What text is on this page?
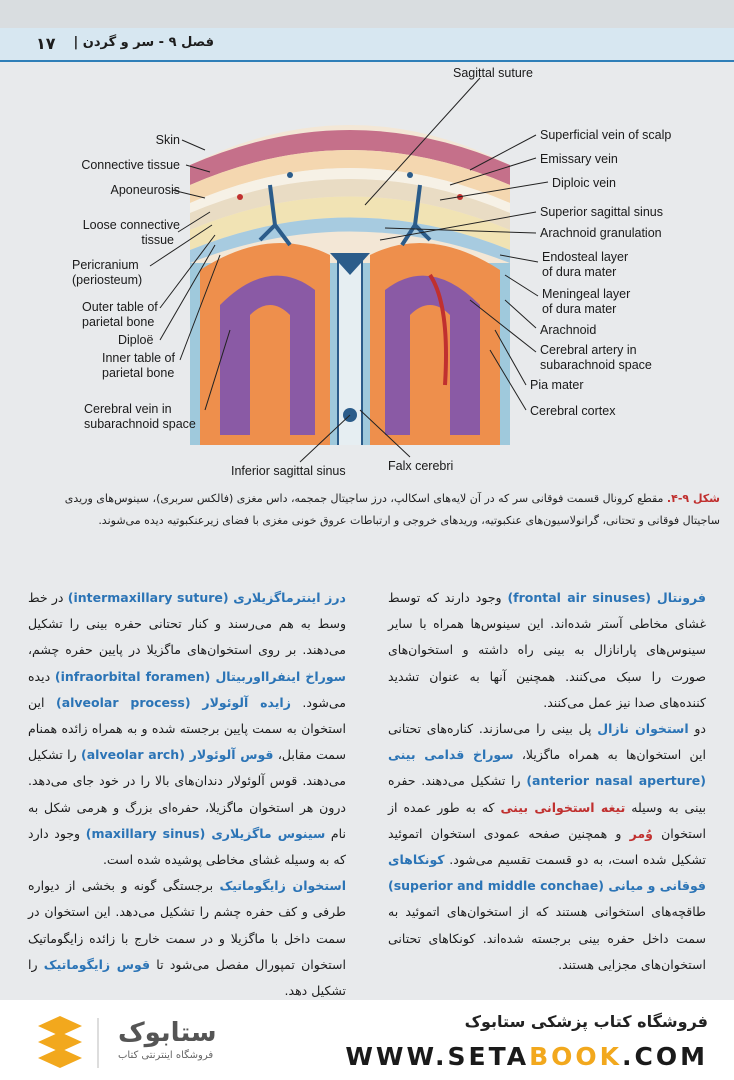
۱۷ فصل ۹ - سر و گردن |
Skin
Connective tissue
Aponeurosis
Loose connective
tissue
Pericranium
(periosteum)
Outer table of
parietal bone
Diploë
Inner table of
parietal bone
Cerebral vein in
subarachnoid space
Sagittal suture
Superficial vein of scalp
Emissary vein
Diploic vein
Superior sagittal sinus
Arachnoid granulation
Endosteal layer
of dura mater
Meningeal layer
of dura mater
Arachnoid
Cerebral artery in
subarachnoid space
Pia mater
Cerebral cortex
Inferior sagittal sinus	Falx cerebri
شکل ۹-۴. مقطع کرونال قسمت فوقانی سر که در آن لایه‌های اسکالپ، درز ساجیتال جمجمه، داس مغزی (فالکس سربری)، سینوس‌های وریدی ساجیتال فوقانی و تحتانی، گرانولاسیون‌های عنکبوتیه، وریدهای خروجی و ارتباطات عروق خونی مغزی با فضای زیرعنکبوتیه دیده می‌شوند.
فرونتال (frontal air sinuses) وجود دارند که توسط غشای مخاطی آستر شده‌اند. این سینوس‌ها همراه با سایر سینوس‌های پارانازال به بینی راه داشته و استخوان‌های صورت را سبک می‌کنند. همچنین آنها به عنوان تشدید کننده‌های صدا نیز عمل می‌کنند.
دو استخوان نازال پل بینی را می‌سازند. کناره‌های تحتانی این استخوان‌ها به همراه ماگزیلا، سوراخ قدامی بینی (anterior nasal aperture) را تشکیل می‌دهند. حفره بینی به وسیله تیغه استخوانی بینی که به طور عمده از استخوان وُمر و همچنین صفحه عمودی استخوان اتموئید تشکیل شده است، به دو قسمت تقسیم می‌شود. کونکاهای فوقانی و میانی (superior and middle conchae) طاقچه‌های استخوانی هستند که از استخوان‌های اتموئید به سمت داخل حفره بینی برجسته شده‌اند. کونکاهای تحتانی استخوان‌های مجزایی هستند.
درز اینترماگزیلاری (intermaxillary suture) در خط وسط به هم می‌رسند و کنار تحتانی حفره بینی را تشکیل می‌دهند. بر روی استخوان‌های ماگزیلا در پایین حفره چشم، سوراخ اینفرااوربیتال (infraorbital foramen) دیده می‌شود. زایده آلوئولار (alveolar process) این استخوان به سمت پایین برجسته شده و به همراه زائده همنام سمت مقابل، قوس آلوئولار (alveolar arch) را تشکیل می‌دهند. قوس آلوئولار دندان‌های بالا را در خود جای می‌دهد. درون هر استخوان ماگزیلا، حفره‌ای بزرگ و هرمی شکل به نام سینوس ماگزیلاری (maxillary sinus) وجود دارد که به وسیله غشای مخاطی پوشیده شده است.
استخوان زایگوماتیک برجستگی گونه و بخشی از دیواره طرفی و کف حفره چشم را تشکیل می‌دهد. این استخوان در سمت داخل با ماگزیلا و در سمت خارج با زائده زایگوماتیک استخوان تمپورال مفصل می‌شود تا قوس زایگوماتیک را تشکیل دهد.
ستابوک
فروشگاه اینترنتی کتاب
فروشگاه کتاب پزشکی ستابوک
WWW.SETABOOK.COM
